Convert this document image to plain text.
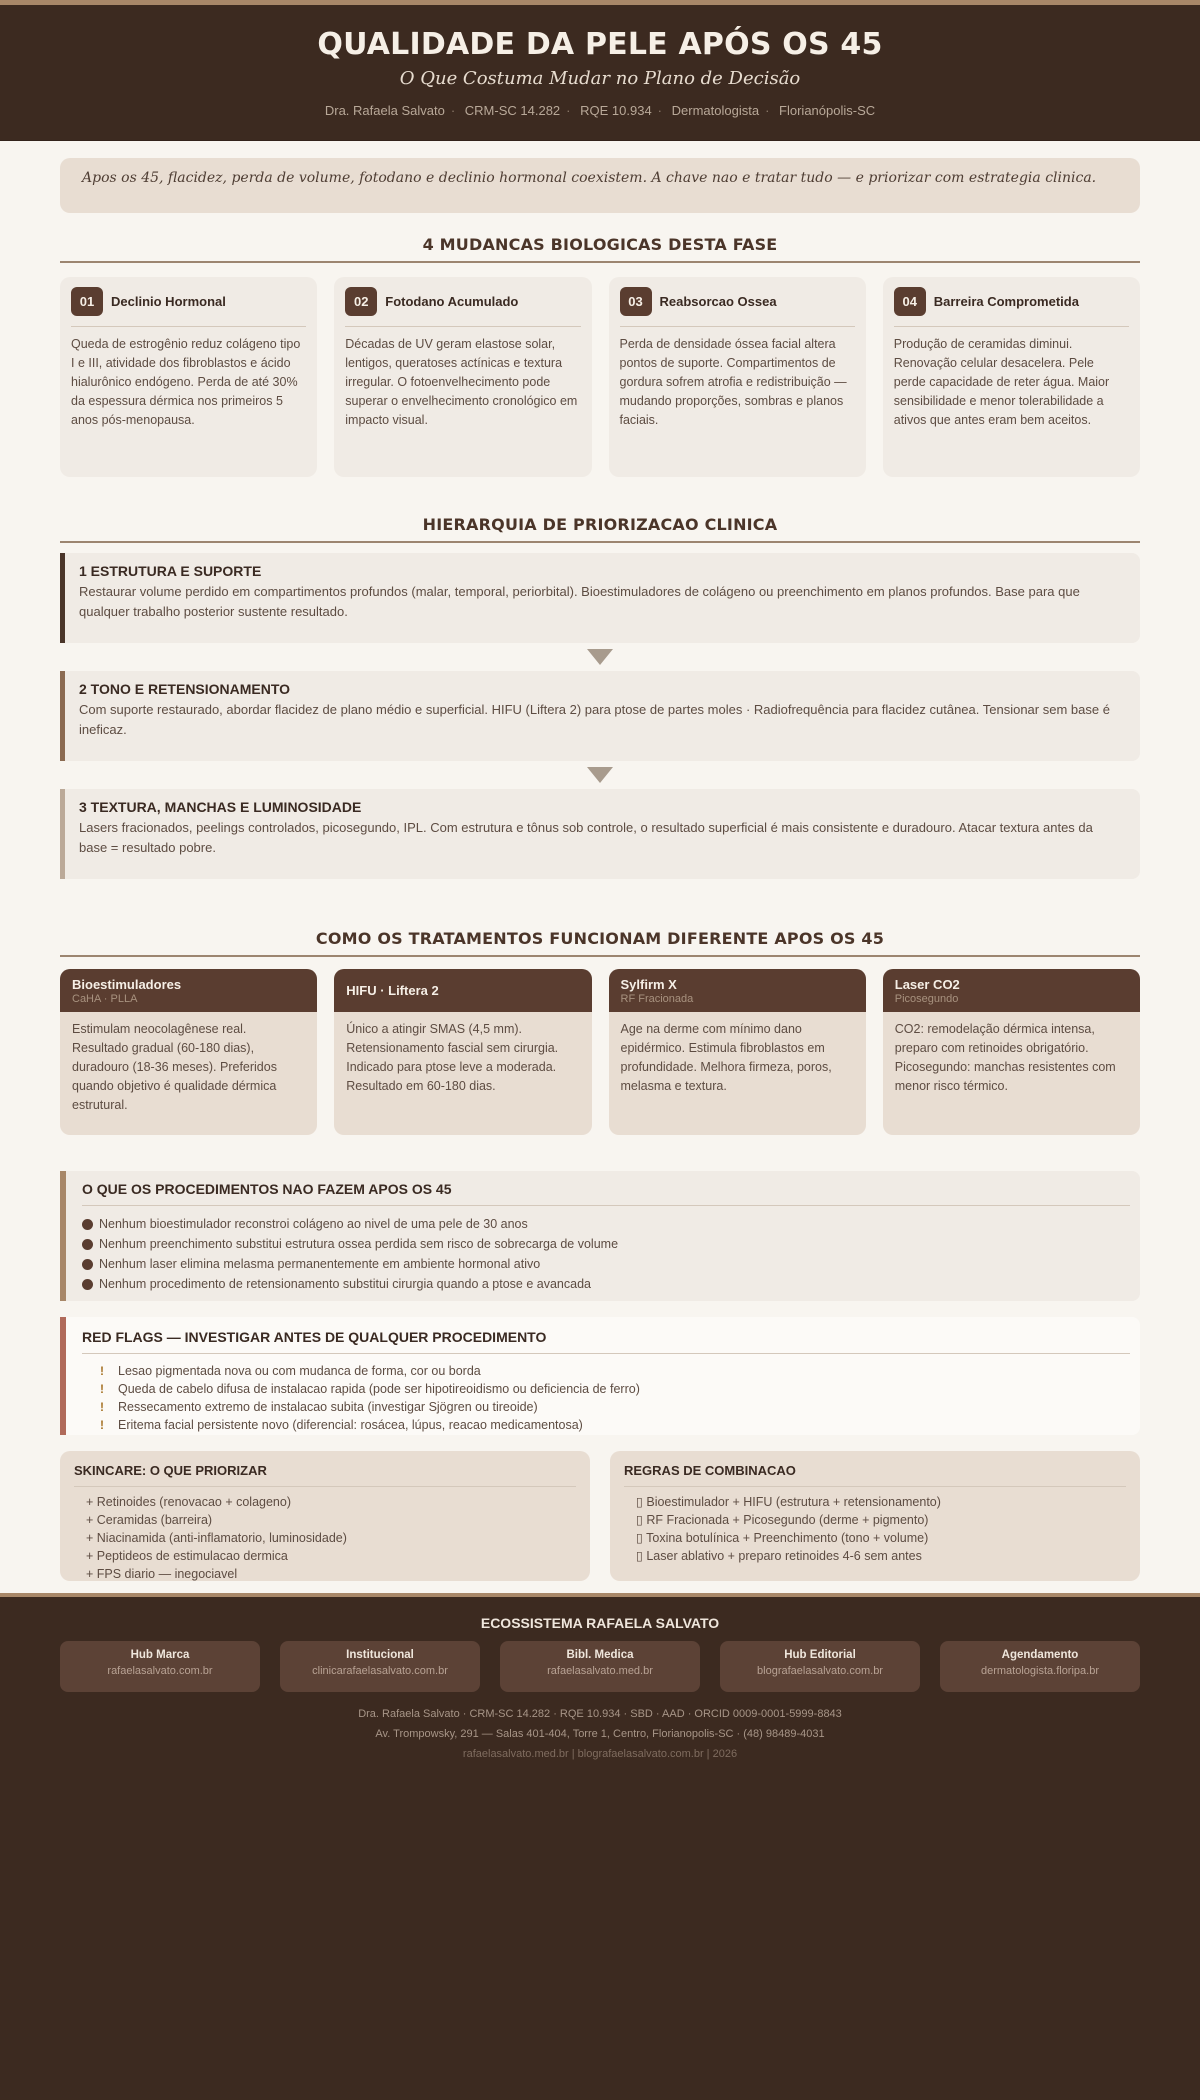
QUALIDADE DA PELE APÓS OS 45
O Que Costuma Mudar no Plano de Decisão
Dra. Rafaela Salvato · CRM-SC 14.282 · RQE 10.934 · Dermatologista · Florianópolis-SC
Apos os 45, flacidez, perda de volume, fotodano e declinio hormonal coexistem. A chave nao e tratar tudo — e priorizar com estrategia clinica.
4 MUDANCAS BIOLOGICAS DESTA FASE
01	Declinio Hormonal

Queda de estrogênio reduz colágeno tipo I e III, atividade dos fibroblastos e ácido hialurônico endógeno. Perda de até 30% da espessura dérmica nos primeiros 5 anos pós-menopausa.

02	Fotodano Acumulado

Décadas de UV geram elastose solar, lentigos, queratoses actínicas e textura irregular. O fotoenvelhecimento pode superar o envelhecimento cronológico em impacto visual.

03	Reabsorcao Ossea

Perda de densidade óssea facial altera pontos de suporte. Compartimentos de gordura sofrem atrofia e redistribuição — mudando proporções, sombras e planos faciais.

04	Barreira Comprometida

Produção de ceramidas diminui. Renovação celular desacelera. Pele perde capacidade de reter água. Maior sensibilidade e menor tolerabilidade a ativos que antes eram bem aceitos.

HIERARQUIA DE PRIORIZACAO CLINICA
1 ESTRUTURA E SUPORTE
Restaurar volume perdido em compartimentos profundos (malar, temporal, periorbital). Bioestimuladores de colágeno ou preenchimento em planos profundos. Base para que qualquer trabalho posterior sustente resultado.
2 TONO E RETENSIONAMENTO
Com suporte restaurado, abordar flacidez de plano médio e superficial. HIFU (Liftera 2) para ptose de partes moles · Radiofrequência para flacidez cutânea. Tensionar sem base é ineficaz.
3 TEXTURA, MANCHAS E LUMINOSIDADE
Lasers fracionados, peelings controlados, picosegundo, IPL. Com estrutura e tônus sob controle, o resultado superficial é mais consistente e duradouro. Atacar textura antes da base = resultado pobre.
COMO OS TRATAMENTOS FUNCIONAM DIFERENTE APOS OS 45
Bioestimuladores
CaHA · PLLA

Estimulam neocolagênese real. Resultado gradual (60-180 dias), duradouro (18-36 meses). Preferidos quando objetivo é qualidade dérmica estrutural.

HIFU · Liftera 2

Único a atingir SMAS (4,5 mm). Retensionamento fascial sem cirurgia. Indicado para ptose leve a moderada. Resultado em 60-180 dias.

Sylfirm X
RF Fracionada

Age na derme com mínimo dano epidérmico. Estimula fibroblastos em profundidade. Melhora firmeza, poros, melasma e textura.

Laser CO2
Picosegundo

CO2: remodelação dérmica intensa, preparo com retinoides obrigatório. Picosegundo: manchas resistentes com menor risco térmico.

O QUE OS PROCEDIMENTOS NAO FAZEM APOS OS 45
Nenhum bioestimulador reconstroi colágeno ao nivel de uma pele de 30 anos
Nenhum preenchimento substitui estrutura ossea perdida sem risco de sobrecarga de volume
Nenhum laser elimina melasma permanentemente em ambiente hormonal ativo
Nenhum procedimento de retensionamento substitui cirurgia quando a ptose e avancada
RED FLAGS — INVESTIGAR ANTES DE QUALQUER PROCEDIMENTO
!	Lesao pigmentada nova ou com mudanca de forma, cor ou borda
!	Queda de cabelo difusa de instalacao rapida (pode ser hipotireoidismo ou deficiencia de ferro)
!	Ressecamento extremo de instalacao subita (investigar Sjögren ou tireoide)
!	Eritema facial persistente novo (diferencial: rosácea, lúpus, reacao medicamentosa)
SKINCARE: O QUE PRIORIZAR
+ Retinoides (renovacao + colageno)
+ Ceramidas (barreira)
+ Niacinamida (anti-inflamatorio, luminosidade)
+ Peptideos de estimulacao dermica
+ FPS diario — inegociavel
REGRAS DE COMBINACAO
▯ Bioestimulador + HIFU (estrutura + retensionamento)
▯ RF Fracionada + Picosegundo (derme + pigmento)
▯ Toxina botulínica + Preenchimento (tono + volume)
▯ Laser ablativo + preparo retinoides 4-6 sem antes
ECOSSISTEMA RAFAELA SALVATO
Hub Marca
rafaelasalvato.com.br
Institucional
clinicarafaelasalvato.com.br
Bibl. Medica
rafaelasalvato.med.br
Hub Editorial
blografaelasalvato.com.br
Agendamento
dermatologista.floripa.br
Dra. Rafaela Salvato · CRM-SC 14.282 · RQE 10.934 · SBD · AAD · ORCID 0009-0001-5999-8843
Av. Trompowsky, 291 — Salas 401-404, Torre 1, Centro, Florianopolis-SC · (48) 98489-4031
rafaelasalvato.med.br | blografaelasalvato.com.br | 2026
